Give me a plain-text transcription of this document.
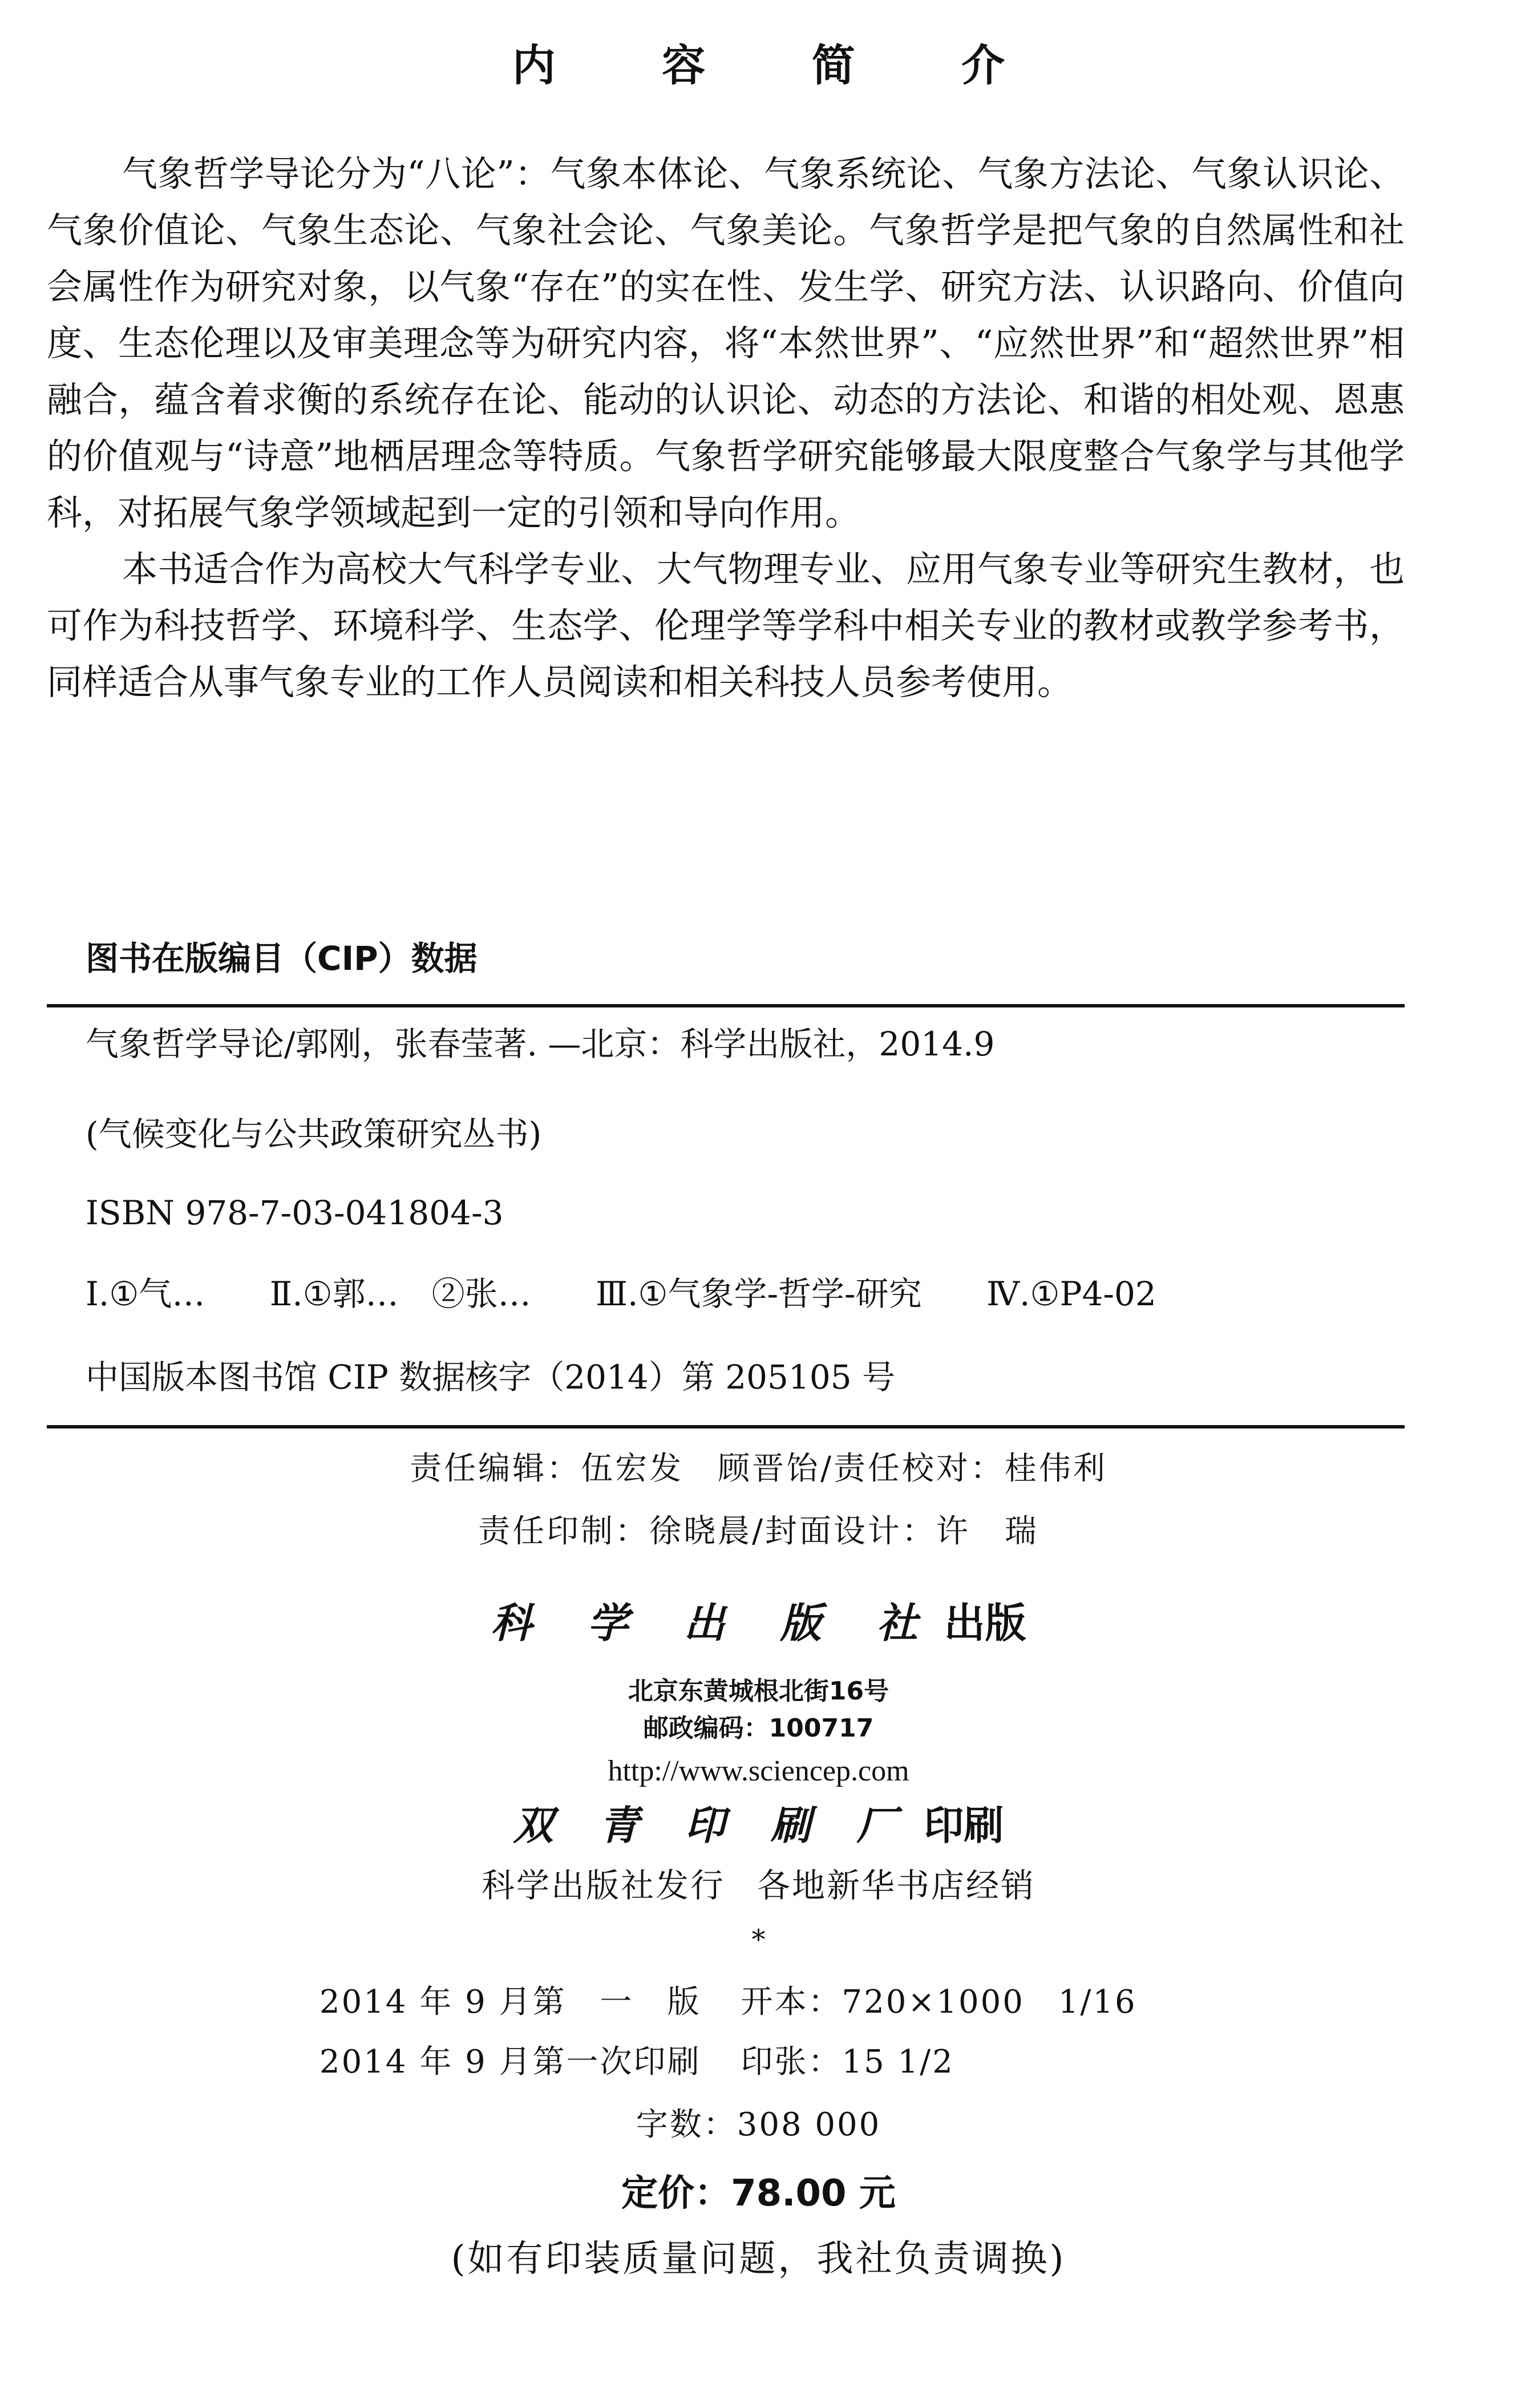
内 容 简 介

气象哲学导论分为“八论”：气象本体论、气象系统论、气象方法论、气象认识论、气象价值论、气象生态论、气象社会论、气象美论。气象哲学是把气象的自然属性和社会属性作为研究对象，以气象“存在”的实在性、发生学、研究方法、认识路向、价值向度、生态伦理以及审美理念等为研究内容，将“本然世界”、“应然世界”和“超然世界”相融合，蕴含着求衡的系统存在论、能动的认识论、动态的方法论、和谐的相处观、恩惠的价值观与“诗意”地栖居理念等特质。气象哲学研究能够最大限度整合气象学与其他学科，对拓展气象学领域起到一定的引领和导向作用。

本书适合作为高校大气科学专业、大气物理专业、应用气象专业等研究生教材，也可作为科技哲学、环境科学、生态学、伦理学等学科中相关专业的教材或教学参考书，同样适合从事气象专业的工作人员阅读和相关科技人员参考使用。

图书在版编目（CIP）数据
气象哲学导论/郭刚，张春莹著. —北京：科学出版社，2014.9
(气候变化与公共政策研究丛书)
ISBN 978-7-03-041804-3
Ⅰ.①气… Ⅱ.①郭…　②张… Ⅲ.①气象学-哲学-研究 Ⅳ.①P4-02
中国版本图书馆 CIP 数据核字（2014）第 205105 号
责任编辑：伍宏发　顾晋饴/责任校对：桂伟利
责任印制：徐晓晨/封面设计：许　瑞
科 学 出 版 社 出版
北京东黄城根北街16号
邮政编码：100717
http://www.sciencep.com
双 青 印 刷 厂 印刷
科学出版社发行 各地新华书店经销
*
2014 年 9 月第　一　版 开本：720×1000　1/16
2014 年 9 月第一次印刷 印张：15 1/2
字数：308 000
定价：78.00 元
(如有印装质量问题，我社负责调换)
